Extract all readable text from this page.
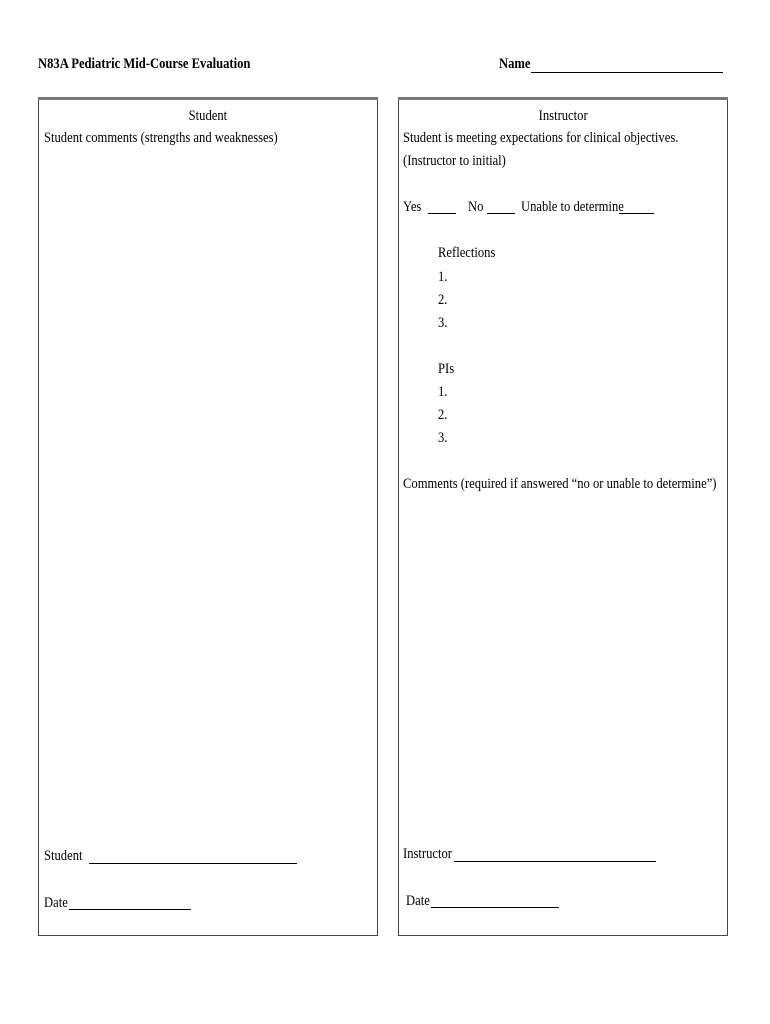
N83A Pediatric Mid-Course Evaluation	Name
Student
Student comments (strengths and weaknesses)
Student
Date
Instructor
Student is meeting expectations for clinical objectives.
(Instructor to initial)
Yes	No	Unable to determine
Reflections
1.
2.
3.
PIs
1.
2.
3.
Comments (required if answered “no or unable to determine”)
Instructor
Date
